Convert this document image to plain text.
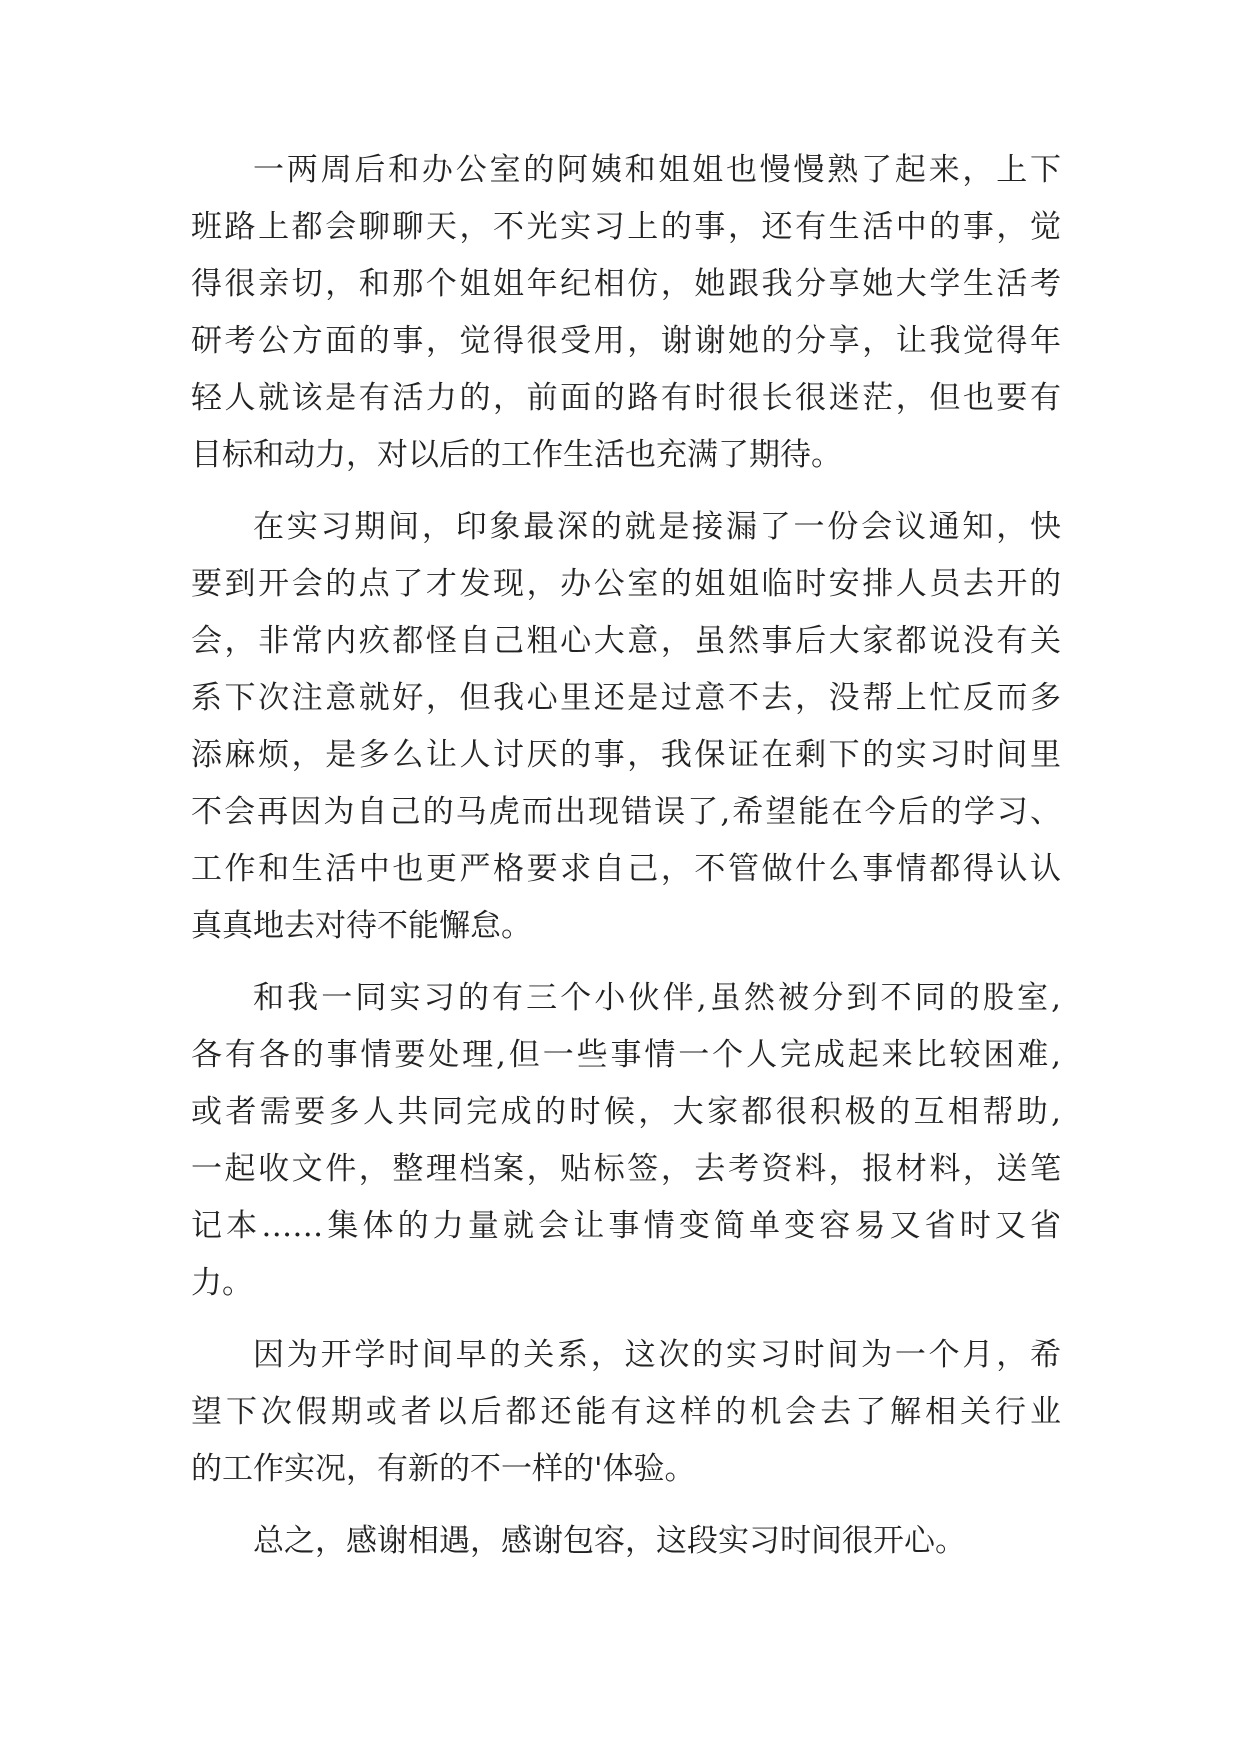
一两周后和办公室的阿姨和姐姐也慢慢熟了起来，上下
班路上都会聊聊天，不光实习上的事，还有生活中的事，觉
得很亲切，和那个姐姐年纪相仿，她跟我分享她大学生活考
研考公方面的事，觉得很受用，谢谢她的分享，让我觉得年
轻人就该是有活力的，前面的路有时很长很迷茫，但也要有
目标和动力，对以后的工作生活也充满了期待。
在实习期间，印象最深的就是接漏了一份会议通知，快
要到开会的点了才发现，办公室的姐姐临时安排人员去开的
会，非常内疚都怪自己粗心大意，虽然事后大家都说没有关
系下次注意就好，但我心里还是过意不去，没帮上忙反而多
添麻烦，是多么让人讨厌的事，我保证在剩下的实习时间里
不会再因为自己的马虎而出现错误了,希望能在今后的学习、
工作和生活中也更严格要求自己，不管做什么事情都得认认
真真地去对待不能懈怠。
和我一同实习的有三个小伙伴,虽然被分到不同的股室,
各有各的事情要处理,但一些事情一个人完成起来比较困难,
或者需要多人共同完成的时候，大家都很积极的互相帮助,
一起收文件，整理档案，贴标签，去考资料，报材料，送笔
记本……集体的力量就会让事情变简单变容易又省时又省
力。
因为开学时间早的关系，这次的实习时间为一个月，希
望下次假期或者以后都还能有这样的机会去了解相关行业
的工作实况，有新的不一样的'体验。
总之，感谢相遇，感谢包容，这段实习时间很开心。
